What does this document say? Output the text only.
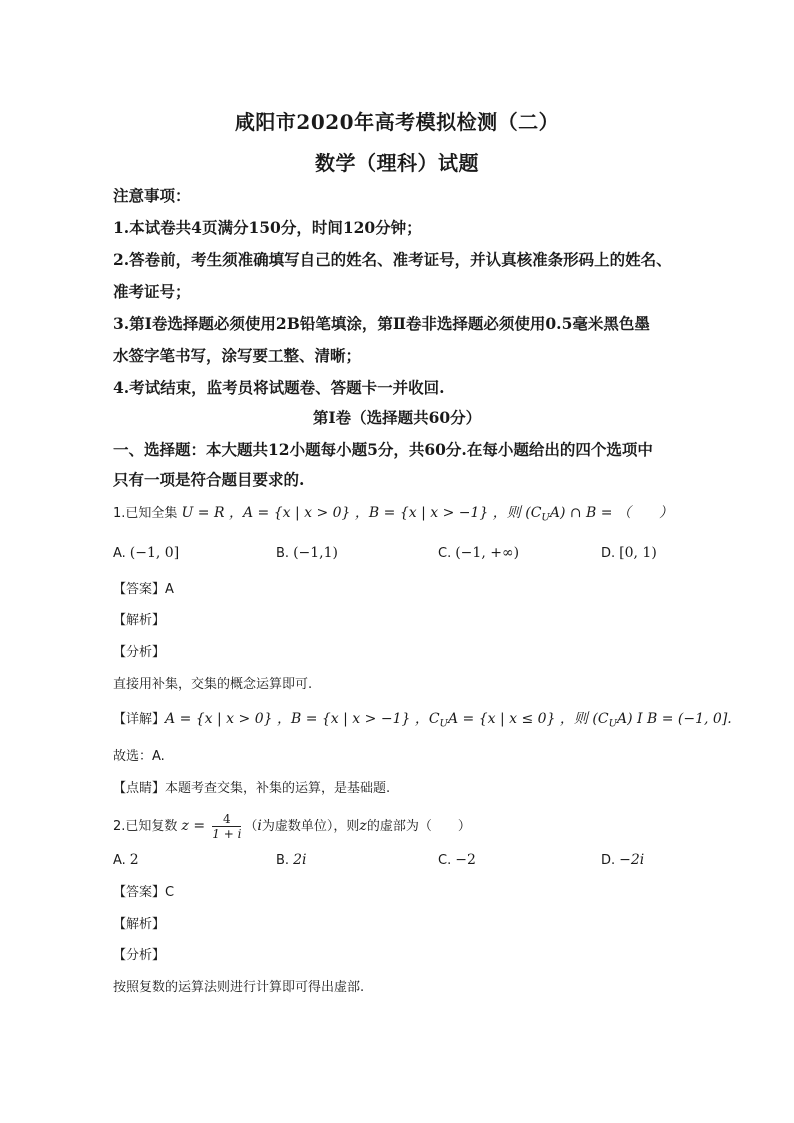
咸阳市2020年高考模拟检测（二）
数学（理科）试题
注意事项：
1.本试卷共4页满分150分，时间120分钟；
2.答卷前，考生须准确填写自己的姓名、准考证号，并认真核准条形码上的姓名、
准考证号；
3.第Ⅰ卷选择题必须使用2B铅笔填涂，第Ⅱ卷非选择题必须使用0.5毫米黑色墨
水签字笔书写，涂写要工整、清晰；
4.考试结束，监考员将试题卷、答题卡一并收回.
第Ⅰ卷（选择题共60分）
一、选择题：本大题共12小题每小题5分，共60分.在每小题给出的四个选项中
只有一项是符合题目要求的.
1.已知全集 U = R ，A = {x | x > 0} ，B = {x | x > −1} ，则 $(C_UA)$ ∩ B = （　　）
A. (−1, 0]	B. (−1,1)	C. (−1, +∞)	D. [0, 1)
【答案】A
【解析】
【分析】
直接用补集，交集的概念运算即可.
【详解】A = {x | x > 0} ，B = {x | x > −1} ，$C_UA = \{x$ | x ≤ 0} ，则 $(C_UA)$ I B = (−1, 0].
故选：A.
【点睛】本题考查交集，补集的运算，是基础题.
2.已知复数 $z = \frac{4}{1 + i} (i$为虚数单位），则z的虚部为（　　）
A. 2	B. 2i	C. −2	D. −2i
【答案】C
【解析】
【分析】
按照复数的运算法则进行计算即可得出虚部.
